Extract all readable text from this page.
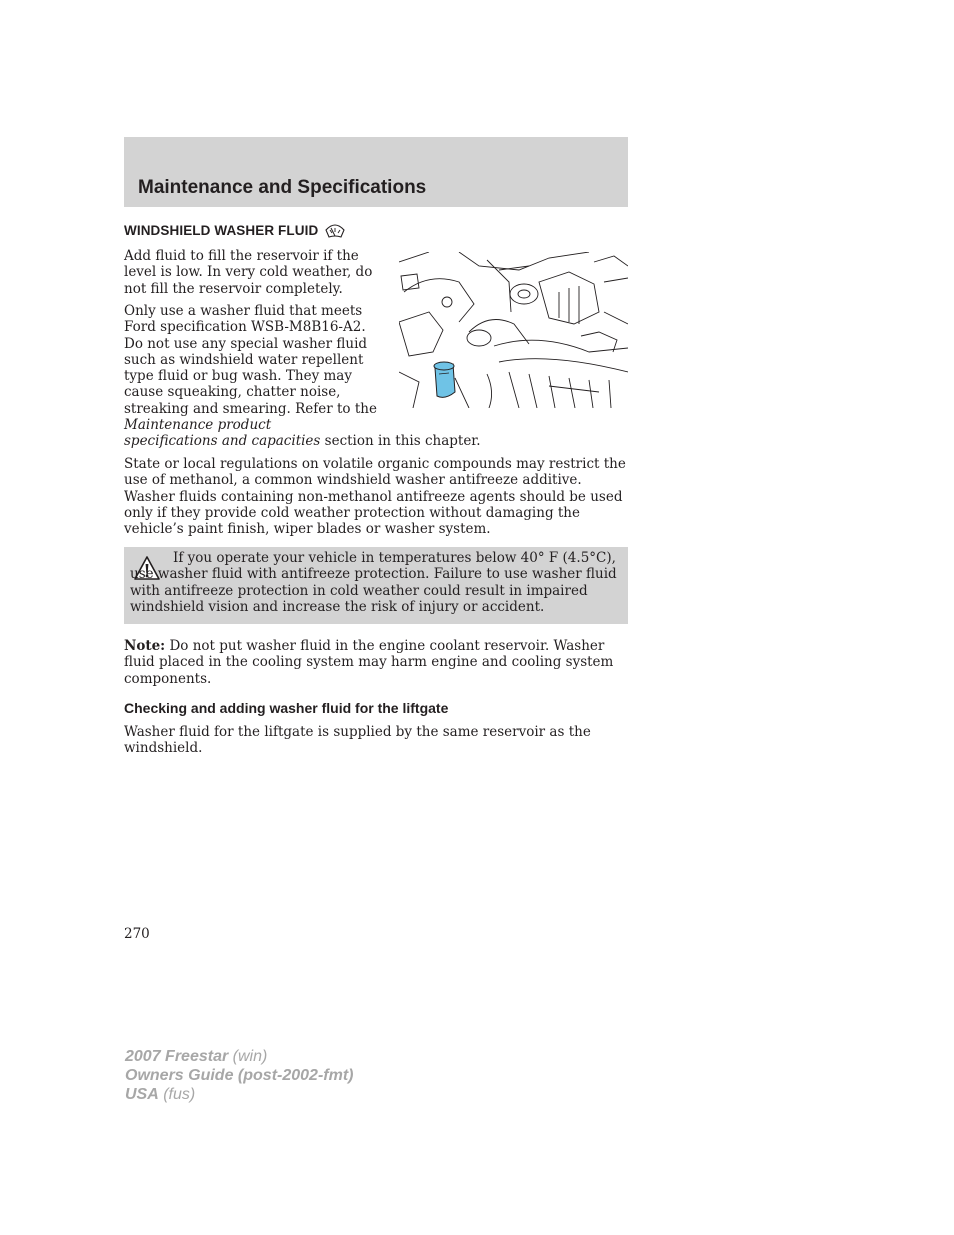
Maintenance and Specifications
WINDSHIELD WASHER FLUID

Add fluid to fill the reservoir if the
level is low. In very cold weather, do
not fill the reservoir completely.

Only use a washer fluid that meets
Ford specification WSB-M8B16-A2.
Do not use any special washer fluid
such as windshield water repellent
type fluid or bug wash. They may
cause squeaking, chatter noise,
streaking and smearing. Refer to the
Maintenance product
specifications and capacities section in this chapter.

State or local regulations on volatile organic compounds may restrict the
use of methanol, a common windshield washer antifreeze additive.
Washer fluids containing non-methanol antifreeze agents should be used
only if they provide cold weather protection without damaging the
vehicle’s paint finish, wiper blades or washer system.

If you operate your vehicle in temperatures below 40° F (4.5°C), use washer fluid with antifreeze protection. Failure to use washer fluid with antifreeze protection in cold weather could result in impaired windshield vision and increase the risk of injury or accident.

Note: Do not put washer fluid in the engine coolant reservoir. Washer
fluid placed in the cooling system may harm engine and cooling system
components.

Checking and adding washer fluid for the liftgate

Washer fluid for the liftgate is supplied by the same reservoir as the
windshield.

270

2007 Freestar (win)
Owners Guide (post-2002-fmt)
USA (fus)
